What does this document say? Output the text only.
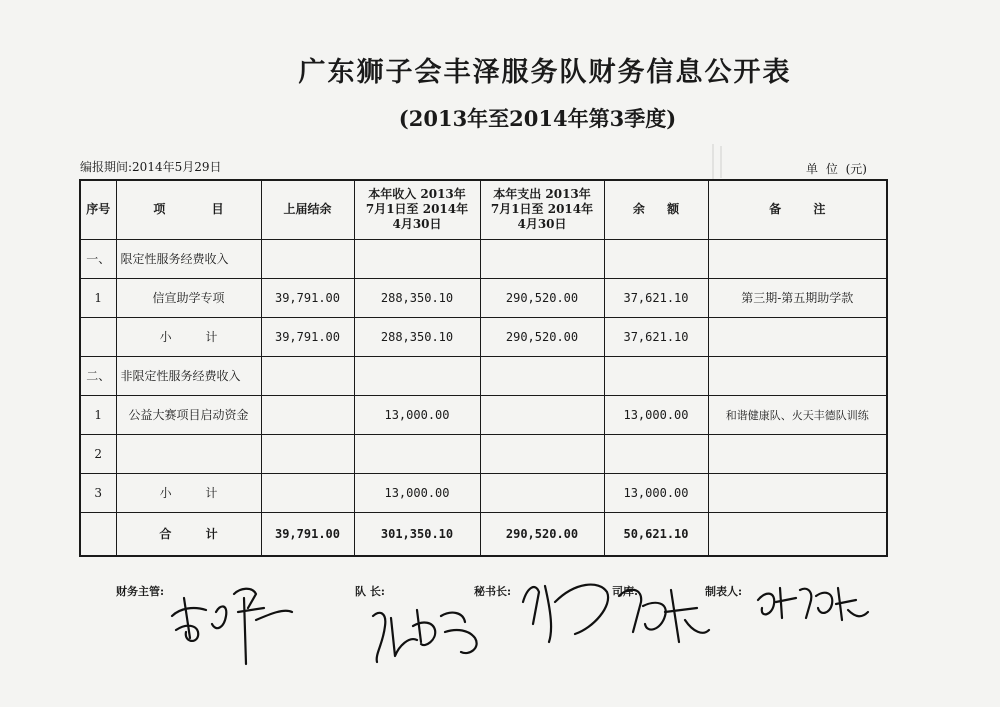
广东狮子会丰泽服务队财务信息公开表
(2013年至2014年第3季度)
编报期间:2014年5月29日	单 位 (元)
序号	项 目	上届结余	本年收入 2013年7月1日至 2014年4月30日	本年支出 2013年7月1日至 2014年4月30日	余 额	备 注
一、	限定性服务经费收入					
1	信宣助学专项	39,791.00	288,350.10	290,520.00	37,621.10	第三期-第五期助学款
	小 计	39,791.00	288,350.10	290,520.00	37,621.10	
二、	非限定性服务经费收入					
1	公益大赛项目启动资金		13,000.00		13,000.00	和谐健康队、火天丰德队训练
2						
3	小 计		13,000.00		13,000.00	
	合 计	39,791.00	301,350.10	290,520.00	50,621.10	
财务主管:	队 长:	秘书长:	司库:	制表人:
